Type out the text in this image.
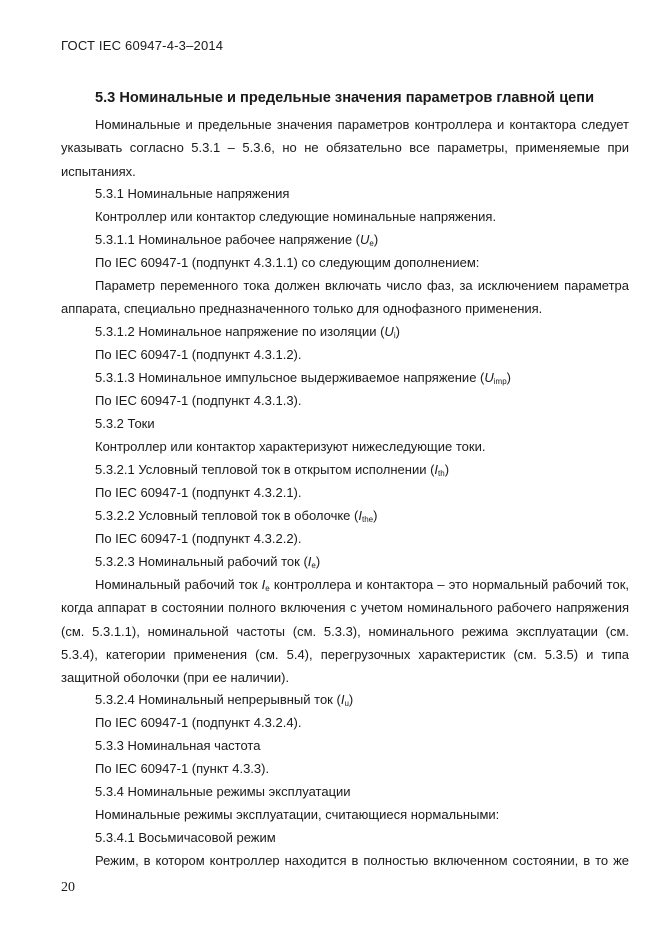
ГОСТ IEC 60947-4-3–2014
5.3 Номинальные и предельные значения параметров главной цепи
Номинальные и предельные значения параметров контроллера и контактора следует указывать согласно 5.3.1 – 5.3.6, но не обязательно все параметры, применяемые при испытаниях.
5.3.1 Номинальные напряжения
Контроллер или контактор следующие номинальные напряжения.
5.3.1.1 Номинальное рабочее напряжение $(U_e)$
По IEC 60947-1 (подпункт 4.3.1.1) со следующим дополнением:
Параметр переменного тока должен включать число фаз, за исключением параметра аппарата, специально предназначенного только для однофазного применения.
5.3.1.2 Номинальное напряжение по изоляции $(U_i)$
По IEC 60947-1 (подпункт 4.3.1.2).
5.3.1.3 Номинальное импульсное выдерживаемое напряжение $(U_{imp})$
По IEC 60947-1 (подпункт 4.3.1.3).
5.3.2 Токи
Контроллер или контактор характеризуют нижеследующие токи.
5.3.2.1 Условный тепловой ток в открытом исполнении $(I_{th})$
По IEC 60947-1 (подпункт 4.3.2.1).
5.3.2.2 Условный тепловой ток в оболочке $(I_{the})$
По IEC 60947-1 (подпункт 4.3.2.2).
5.3.2.3 Номинальный рабочий ток $(I_e)$
Номинальный рабочий ток $I_e$ контроллера и контактора – это нормальный рабочий ток, когда аппарат в состоянии полного включения с учетом номинального рабочего напряжения (см. 5.3.1.1), номинальной частоты (см. 5.3.3), номинального режима эксплуатации (см. 5.3.4), категории применения (см. 5.4), перегрузочных характеристик (см. 5.3.5) и типа защитной оболочки (при ее наличии).
5.3.2.4 Номинальный непрерывный ток $(I_u)$
По IEC 60947-1 (подпункт 4.3.2.4).
5.3.3 Номинальная частота
По IEC 60947-1 (пункт 4.3.3).
5.3.4 Номинальные режимы эксплуатации
Номинальные режимы эксплуатации, считающиеся нормальными:
5.3.4.1 Восьмичасовой режим
Режим, в котором контроллер находится в полностью включенном состоянии, в то же
20
